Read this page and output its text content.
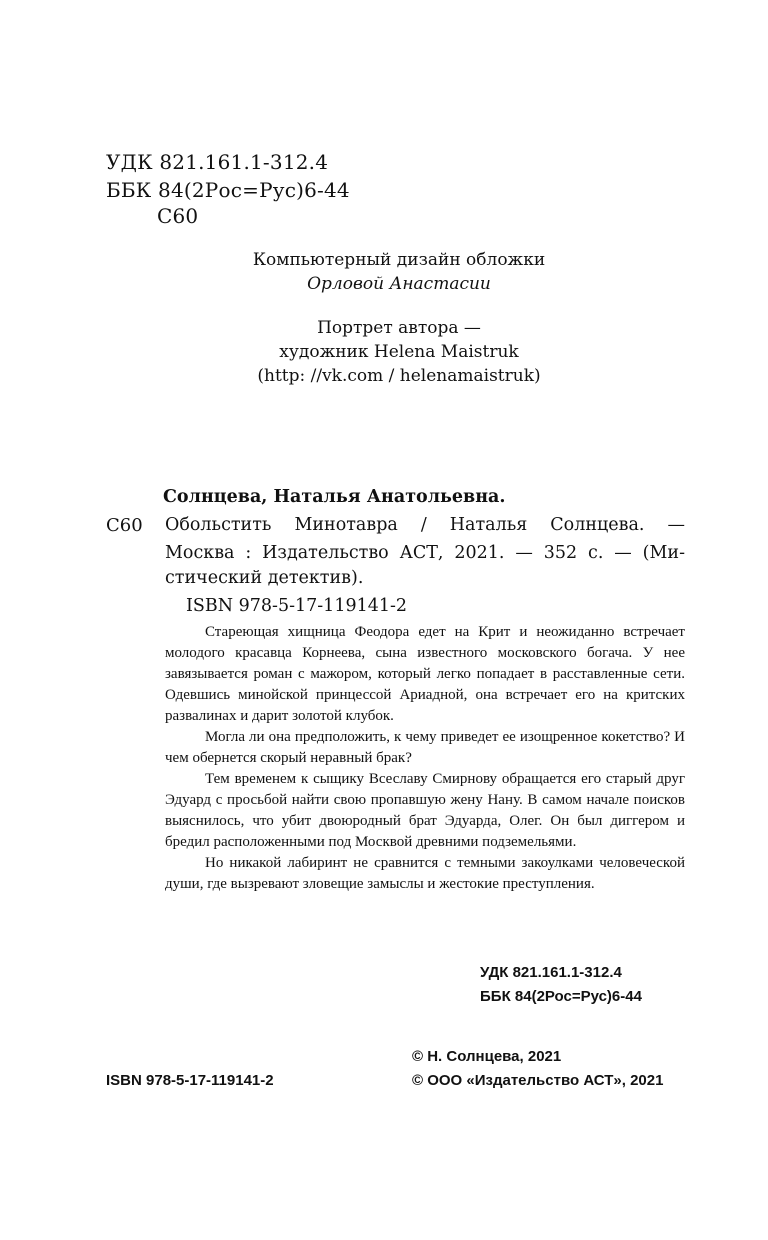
УДК 821.161.1-312.4
ББК 84(2Рос=Рус)6-44
С60
Компьютерный дизайн обложки
Орловой Анастасии
Портрет автора —
художник Helena Maistruk
(http: //vk.com / helenamaistruk)
Солнцева, Наталья Анатольевна.
С60 Обольстить Минотавра / Наталья Солнцева. —
Москва : Издательство АСТ, 2021. — 352 с. — (Ми-
стический детектив).
ISBN 978-5-17-119141-2

Стареющая хищница Феодора едет на Крит и неожиданно встречает молодого красавца Корнеева, сына известного московского богача. У нее завязывается роман с мажором, который легко попадает в расставленные сети. Одевшись минойской принцессой Ариадной, она встречает его на критских развалинах и дарит золотой клубок.

Могла ли она предположить, к чему приведет ее изощренное кокетство? И чем обернется скорый неравный брак?

Тем временем к сыщику Всеславу Смирнову обращается его старый друг Эдуард с просьбой найти свою пропавшую жену Нану. В самом начале поисков выяснилось, что убит двоюродный брат Эдуарда, Олег. Он был диггером и бредил расположенными под Москвой древними подземельями.

Но никакой лабиринт не сравнится с темными закоулками человеческой души, где вызревают зловещие замыслы и жестокие преступления.

УДК 821.161.1-312.4
ББК 84(2Рос=Рус)6-44
© Н. Солнцева, 2021
ISBN 978-5-17-119141-2	© ООО «Издательство АСТ», 2021
